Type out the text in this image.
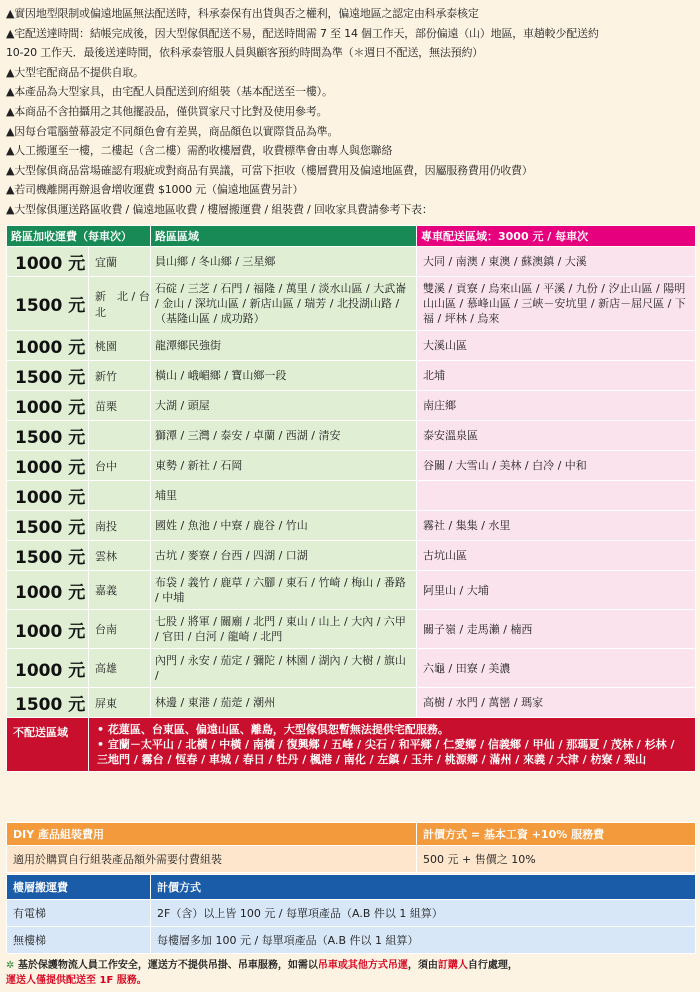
▲實因地型限制或偏遠地區無法配送時，科承泰保有出貨與否之權利，偏遠地區之認定由科承泰核定
▲宅配送達時間：結帳完成後，因大型傢俱配送不易，配送時間需 7 至 14 個工作天，部份偏遠（山）地區，車趟較少配送約
10-20 工作天．最後送達時間，依科承泰管服人員與顧客預約時間為準（＊週日不配送，無法預約）
▲大型宅配商品不提供自取。
▲本產品為大型家具，由宅配人員配送到府組裝（基本配送至一樓）。
▲本商品不含拍攝用之其他擺設品，僅供買家尺寸比對及使用參考。
▲因每台電腦螢幕設定不同顏色會有差異，商品顏色以實際貨品為準。
▲人工搬運至一樓，二樓起（含二樓）需酌收樓層費，收費標準會由專人與您聯絡
▲大型傢俱商品當場確認有瑕疵或對商品有異議，可當下拒收（樓層費用及偏遠地區費，因屬服務費用仍收費）
▲若司機離開再辦退會增收運費 $1000 元（偏遠地區費另計）
▲大型傢俱運送路區收費 / 偏遠地區收費 / 樓層搬運費 / 組裝費 / 回收家具費請參考下表：
路區加收運費（每車次）		路區區域	專車配送區域：3000 元 / 每車次
1000 元	宜蘭	員山鄉 / 冬山鄉 / 三星鄉	大同 / 南澳 / 東澳 / 蘇澳鎮 / 大溪
1500 元	新　北 / 台北	石碇 / 三芝 / 石門 / 福隆 / 萬里 / 淡水山區 / 大武崙 / 金山 / 深坑山區 / 新店山區 / 瑞芳 / 北投湖山路 /（基隆山區 / 成功路）	雙溪 / 貢寮 / 烏來山區 / 平溪 / 九份 / 汐止山區 / 陽明山山區 / 慕峰山區 / 三峽－安坑里 / 新店－屈尺區 / 下福 / 坪林 / 烏來
1000 元	桃園	龍潭鄉民強街	大溪山區
1500 元	新竹	橫山 / 峨嵋鄉 / 寶山鄉一段	北埔
1000 元	苗栗	大湖 / 頭屋	南庄鄉
1500 元		獅潭 / 三灣 / 泰安 / 卓蘭 / 西湖 / 清安	泰安溫泉區
1000 元	台中	東勢 / 新社 / 石岡	谷關 / 大雪山 / 美林 / 白冷 / 中和
1000 元		埔里	
1500 元	南投	國姓 / 魚池 / 中寮 / 鹿谷 / 竹山	霧社 / 集集 / 水里
1500 元	雲林	古坑 / 麥寮 / 台西 / 四湖 / 口湖	古坑山區
1000 元	嘉義	布袋 / 義竹 / 鹿草 / 六腳 / 東石 / 竹崎 / 梅山 / 番路 / 中埔	阿里山 / 大埔
1000 元	台南	七股 / 將軍 / 關廟 / 北門 / 東山 / 山上 / 大內 / 六甲 / 官田 / 白河 / 龍崎 / 北門	關子嶺 / 走馬瀨 / 楠西
1000 元	高雄	內門 / 永安 / 茄定 / 彌陀 / 林園 / 湖內 / 大樹 / 旗山 /	六龜 / 田寮 / 美濃
1500 元	屏東	林邊 / 東港 / 茄萣 / 潮州	高樹 / 水門 / 萬巒 / 瑪家
不配送區域	• 花蓮區、台東區、偏遠山區、離島，大型傢俱恕暫無法提供宅配服務。
• 宜蘭－太平山 / 北橫 / 中橫 / 南橫 / 復興鄉 / 五峰 / 尖石 / 和平鄉 / 仁愛鄉 / 信義鄉 / 甲仙 / 那瑪夏 / 茂林 / 杉林 / 三地門 / 霧台 / 恆春 / 車城 / 春日 / 牡丹 / 楓港 / 南化 / 左鎮 / 玉井 / 桃源鄉 / 滿州 / 來義 / 大津 / 枋寮 / 梨山		
DIY 產品組裝費用	計價方式 = 基本工資 +10% 服務費
適用於購買自行組裝產品額外需要付費組裝	500 元 + 售價之 10%
樓層搬運費	計價方式
有電梯	2F（含）以上皆 100 元 / 每單項產品（A.B 件以 1 組算）
無樓梯	每樓層多加 100 元 / 每單項產品（A.B 件以 1 組算）
✲ 基於保護物流人員工作安全，運送方不提供吊掛、吊車服務，如需以吊車或其他方式吊運，須由訂購人自行處理，
運送人僅提供配送至 1F 服務。
